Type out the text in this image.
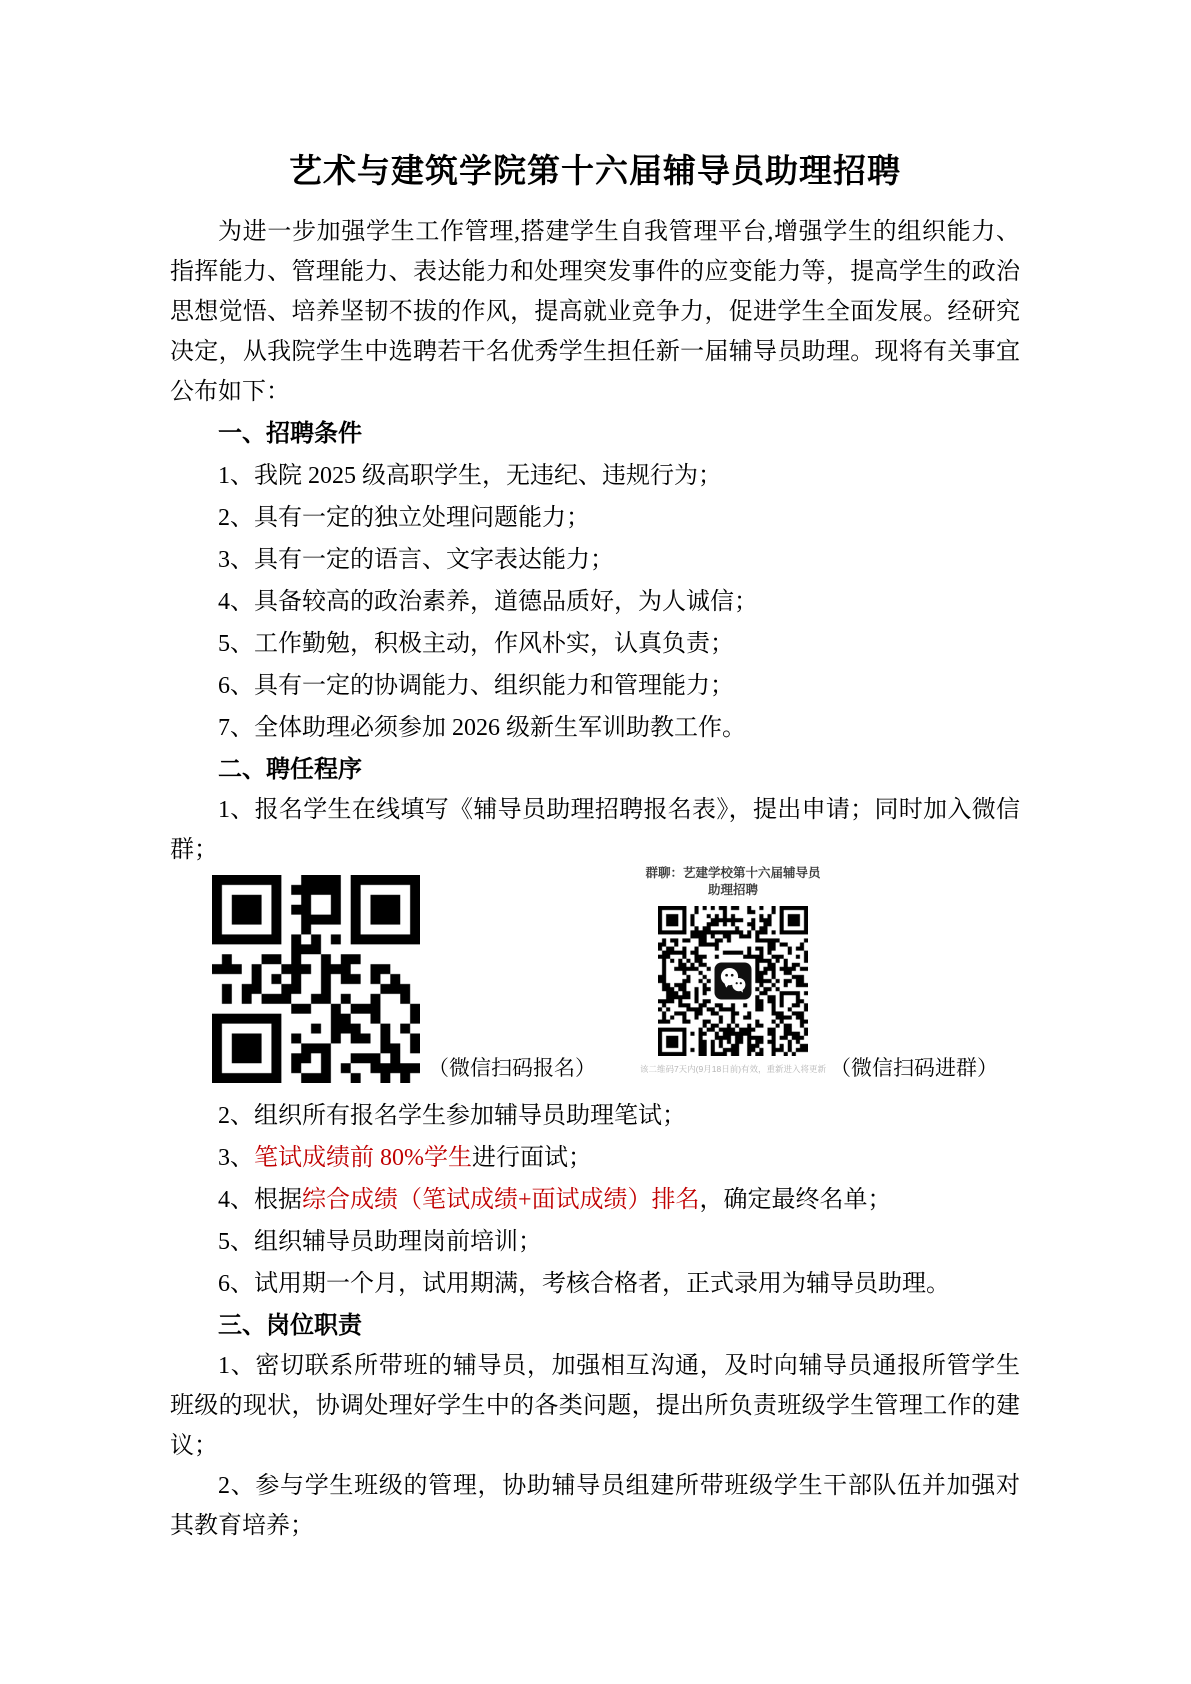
艺术与建筑学院第十六届辅导员助理招聘

为进一步加强学生工作管理,搭建学生自我管理平台,增强学生的组织能力、指挥能力、管理能力、表达能力和处理突发事件的应变能力等，提高学生的政治思想觉悟、培养坚韧不拔的作风，提高就业竞争力，促进学生全面发展。经研究决定，从我院学生中选聘若干名优秀学生担任新一届辅导员助理。现将有关事宜公布如下：

一、招聘条件

1、我院 2025 级高职学生，无违纪、违规行为；

2、具有一定的独立处理问题能力；

3、具有一定的语言、文字表达能力；

4、具备较高的政治素养，道德品质好，为人诚信；

5、工作勤勉，积极主动，作风朴实，认真负责；

6、具有一定的协调能力、组织能力和管理能力；

7、全体助理必须参加 2026 级新生军训助教工作。

二、聘任程序

1、报名学生在线填写《辅导员助理招聘报名表》，提出申请；同时加入微信群；

群聊：艺建学校第十六届辅导员
助理招聘
该二维码7天内(9月18日前)有效，重新进入将更新
（微信扫码报名）	（微信扫码进群）

2、组织所有报名学生参加辅导员助理笔试；

3、笔试成绩前 80%学生进行面试；

4、根据综合成绩（笔试成绩+面试成绩）排名，确定最终名单；

5、组织辅导员助理岗前培训；

6、试用期一个月，试用期满，考核合格者，正式录用为辅导员助理。

三、岗位职责

1、密切联系所带班的辅导员，加强相互沟通，及时向辅导员通报所管学生班级的现状，协调处理好学生中的各类问题，提出所负责班级学生管理工作的建议；

2、参与学生班级的管理，协助辅导员组建所带班级学生干部队伍并加强对其教育培养；
